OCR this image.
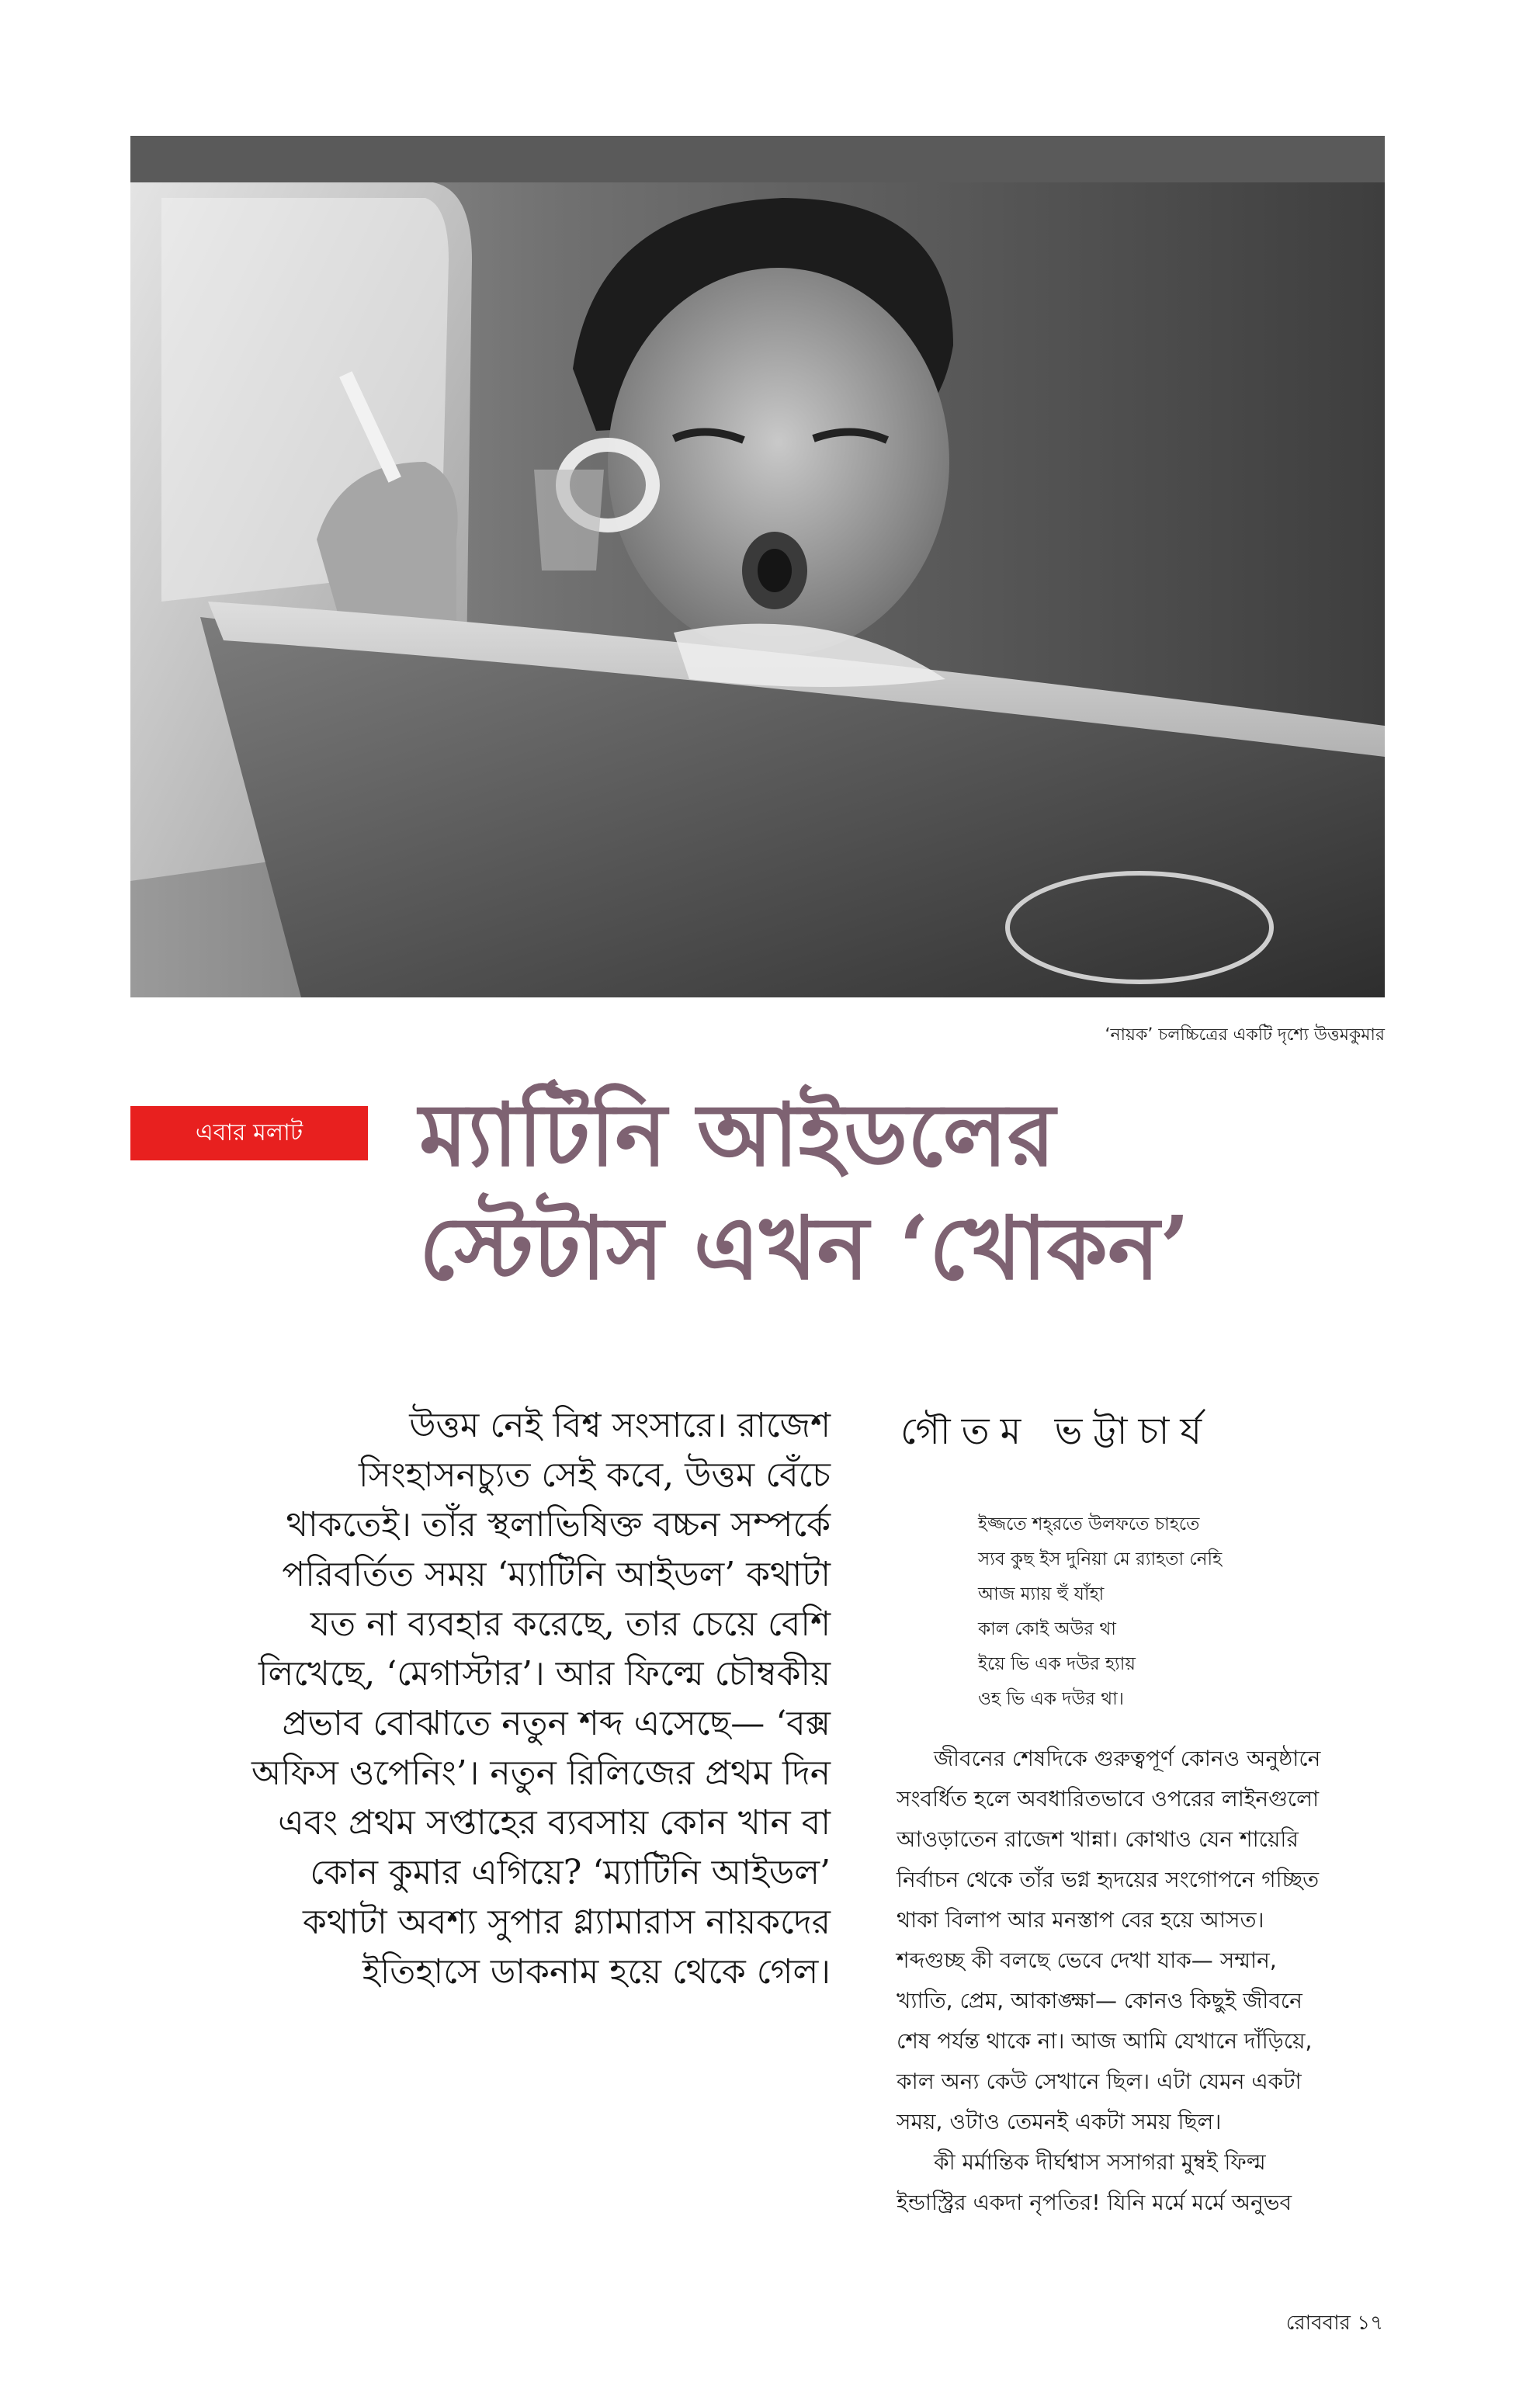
‘নায়ক’ চলচ্চিত্রের একটি দৃশ্যে উত্তমকুমার
এবার মলাট	ম্যাটিনি আইডলের
স্টেটাস এখন ‘খোকন’
উত্তম নেই বিশ্ব সংসারে। রাজেশ
সিংহাসনচ্যুত সেই কবে, উত্তম বেঁচে
থাকতেই। তাঁর স্থলাভিষিক্ত বচ্চন সম্পর্কে
পরিবর্তিত সময় ‘ম্যাটিনি আইডল’ কথাটা
যত না ব্যবহার করেছে, তার চেয়ে বেশি
লিখেছে, ‘মেগাস্টার’। আর ফিল্মে চৌম্বকীয়
প্রভাব বোঝাতে নতুন শব্দ এসেছে— ‘বক্স
অফিস ওপেনিং’। নতুন রিলিজের প্রথম দিন
এবং প্রথম সপ্তাহের ব্যবসায় কোন খান বা
কোন কুমার এগিয়ে? ‘ম্যাটিনি আইডল’
কথাটা অবশ্য সুপার গ্ল্যামারাস নায়কদের
ইতিহাসে ডাকনাম হয়ে থেকে গেল।
গৌতম ভট্টাচার্য
ইজ্জতে শহ্‌রতে উলফতে চাহতে
স্যব কুছ ইস দুনিয়া মে র‍্যাহতা নেহি
আজ ম্যায় হুঁ যাঁহা
কাল কোই অউর থা
ইয়ে ভি এক দউর হ্যায়
ওহ ভি এক দউর থা।
জীবনের শেষদিকে গুরুত্বপূর্ণ কোনও অনুষ্ঠানে
সংবর্ধিত হলে অবধারিতভাবে ওপরের লাইনগুলো
আওড়াতেন রাজেশ খান্না। কোথাও যেন শায়েরি
নির্বাচন থেকে তাঁর ভগ্ন হৃদয়ের সংগোপনে গচ্ছিত
থাকা বিলাপ আর মনস্তাপ বের হয়ে আসত।
শব্দগুচ্ছ কী বলছে ভেবে দেখা যাক— সম্মান,
খ্যাতি, প্রেম, আকাঙ্ক্ষা— কোনও কিছুই জীবনে
শেষ পর্যন্ত থাকে না। আজ আমি যেখানে দাঁড়িয়ে,
কাল অন্য কেউ সেখানে ছিল। এটা যেমন একটা
সময়, ওটাও তেমনই একটা সময় ছিল।
কী মর্মান্তিক দীর্ঘশ্বাস সসাগরা মুম্বই ফিল্ম
ইন্ডাস্ট্রির একদা নৃপতির! যিনি মর্মে মর্মে অনুভব
রোববার ১৭
